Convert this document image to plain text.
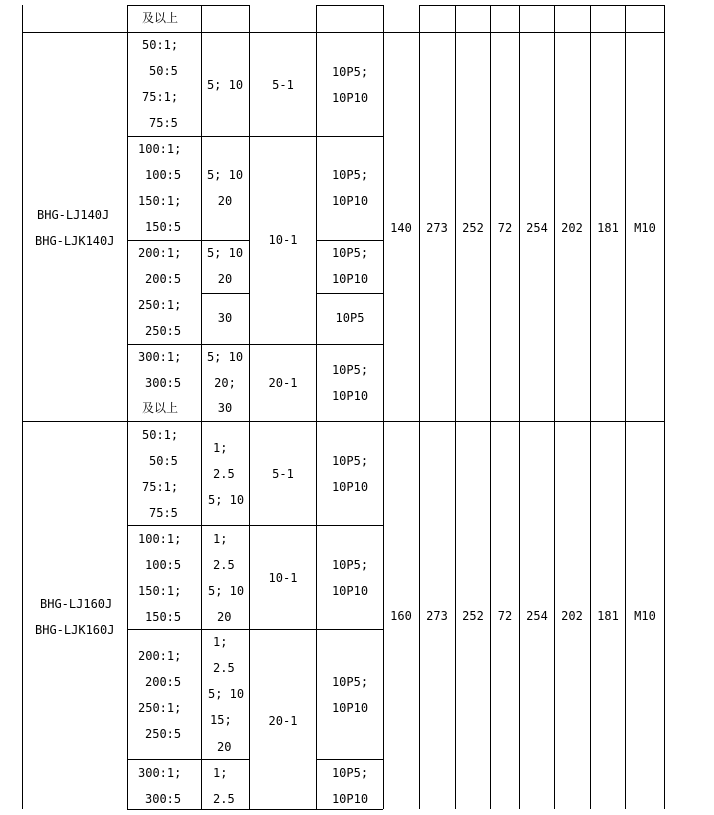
及以上
BHG-LJ140J
BHG-LJK140J
50:1;
50:5
75:1;
75:5
5; 10 5-1
10P5;
10P10
100:1;
100:5
150:1;
150:5
5; 10
20
10P5;
10P10
10-1
200:1;
200:5
5; 10
20
10P5;
10P10
250:1;
250:5
30	10P5
300:1;
300:5
及以上
5; 10
20;
30
20-1
10P5;
10P10
140 273 252 72 254 202 181 M10
BHG-LJ160J
BHG-LJK160J
50:1;
50:5
75:1;
75:5
1;
2.5
5; 10
5-1
10P5;
10P10
100:1;
100:5
150:1;
150:5
1;
2.5
5; 10
20
10-1
10P5;
10P10
200:1;
200:5
250:1;
250:5
1;
2.5
5; 10
15;
20
20-1
10P5;
10P10
300:1;
300:5
1;
2.5
10P5;
10P10
160 273 252 72 254 202 181 M10
